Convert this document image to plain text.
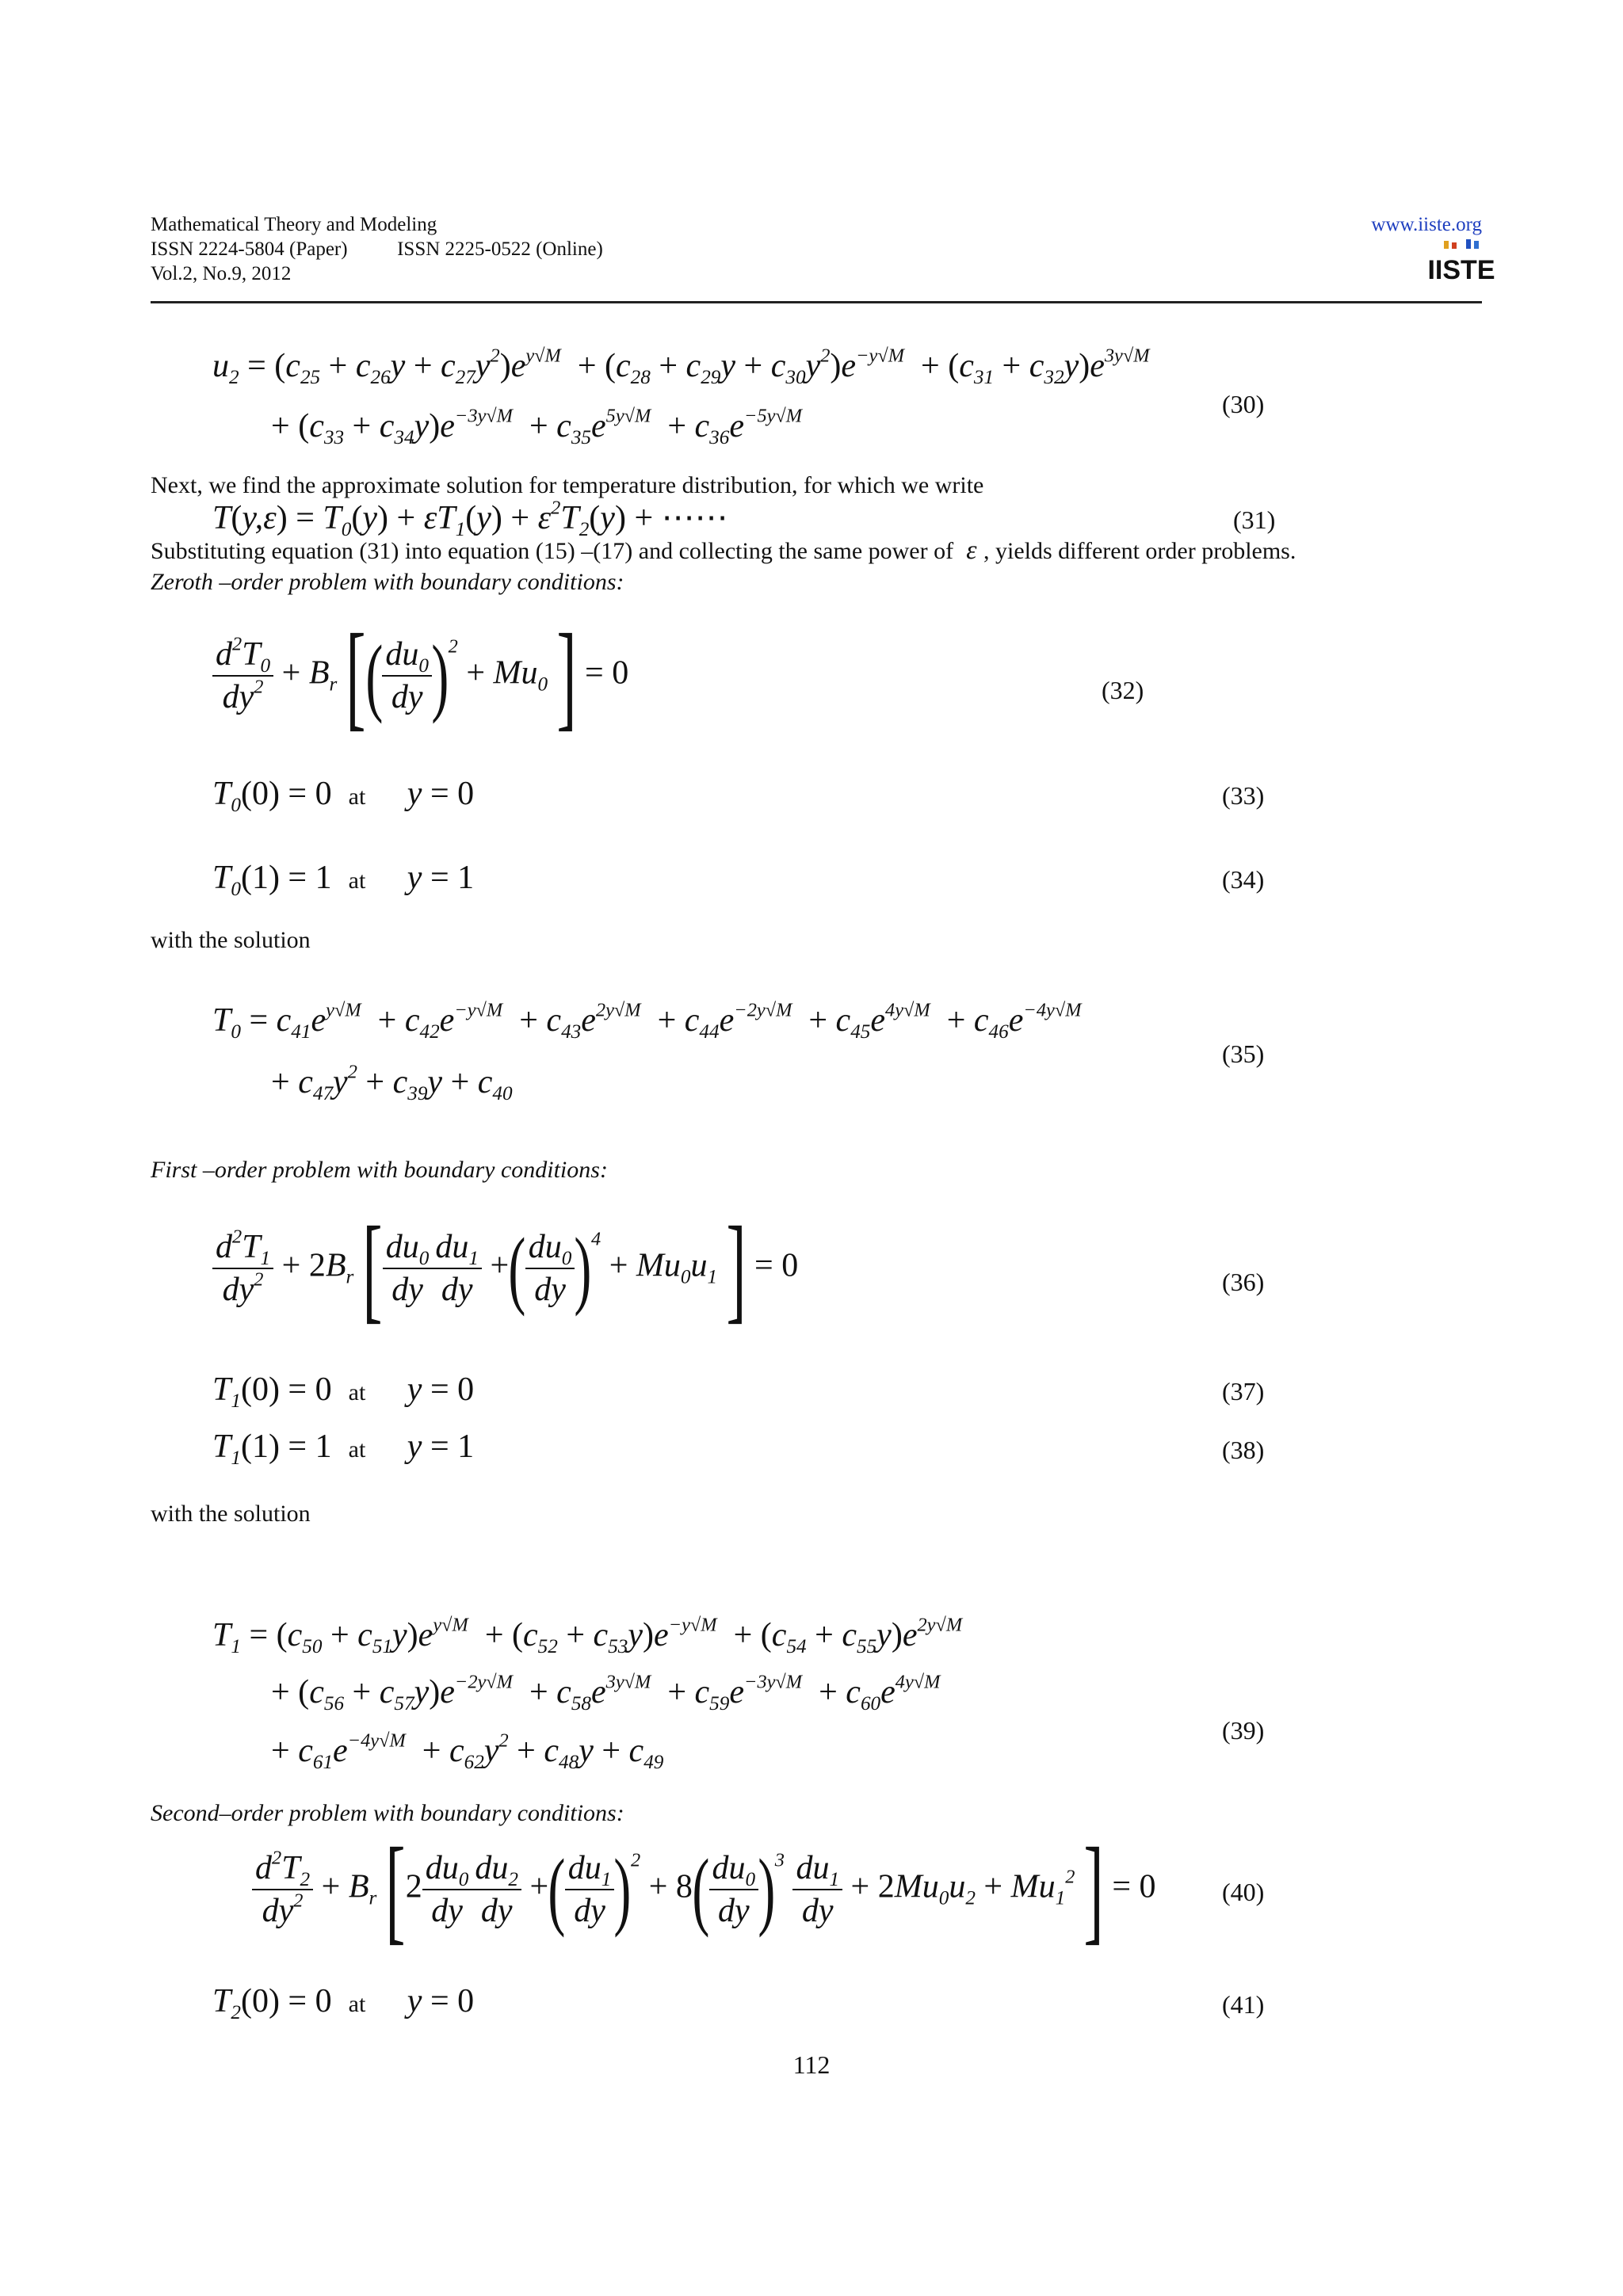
Mathematical Theory and Modeling
ISSN 2224-5804 (Paper)	ISSN 2225-0522 (Online)
Vol.2, No.9, 2012
www.iiste.org
IISTE
$u_2 = (c_{25} + c_{26}y + c_{27}y^2)e^{y√M} + (c_{28} + c_{29}y + c_{30}y^2)e^{-y√M} + (c_{31} + c_{32}y)e^{3y√M}$
+ $(c_{33} + c_{34}y)e^{-3y√M} + c_{35}e^{5y√M} + c_{36}e^{-5y√M}$	(30)
Next, we find the approximate solution for temperature distribution, for which we write
$T(y,\varepsilon) = T_0(y) + \varepsilon T_1(y) + \varepsilon^2T_2(y)$ + ⋯⋯	(31)
Substituting equation (31) into equation (15) –(17) and collecting the same power of  ε , yields different order problems.
Zeroth –order problem with boundary conditions:
$\frac{d^2T_0}{dy^2} + B_r$ [( $\frac{du_0}{dy} )^2 + Mu_0$ ] = 0	(32)
$T_0(0) = 0$ at     y = 0	(33)
$T_0(1) = 1$ at     y = 1	(34)
with the solution
$T_0 = c_{41}e^{y√M} + c_{42}e^{-y√M} + c_{43}e^{2y√M} + c_{44}e^{-2y√M} + c_{45}e^{4y√M} + c_{46}e^{-4y√M}$
+ $c_{47}y^2 + c_{39}y + c_{40}$
(35)
First –order problem with boundary conditions:
$\frac{d^2T_1}{dy^2} + 2B_r$ [ $\frac{du_0}{dy} \frac{du_1}{dy}$ +( $\frac{du_0}{dy} )^4 + Mu_0u_1$ ] = 0	(36)
$T_1(0) = 0$ at     y = 0	(37)
$T_1(1) = 1$ at     y = 1	(38)
with the solution
$T_1 = (c_{50} + c_{51}y)e^{y√M} + (c_{52} + c_{53}y)e^{-y√M} + (c_{54} + c_{55}y)e^{2y√M}$
+ $(c_{56} + c_{57}y)e^{-2y√M} + c_{58}e^{3y√M} + c_{59}e^{-3y√M} + c_{60}e^{4y√M}$
+ $c_{61}e^{-4y√M} + c_{62}y^2 + c_{48}y + c_{49}$
(39)
Second–order problem with boundary conditions:
$\frac{d^2T_2}{dy^2} + B_r$ [$2 \frac{du_0}{dy} \frac{du_2}{dy}$ +( $\frac{du_1}{dy} )^2 + 8( \frac{du_0}{dy} )^3 \frac{du_1}{dy} + 2Mu_0u_2 + Mu_1^2$ ] = 0	(40)
$T_2(0) = 0$ at     y = 0	(41)
112
